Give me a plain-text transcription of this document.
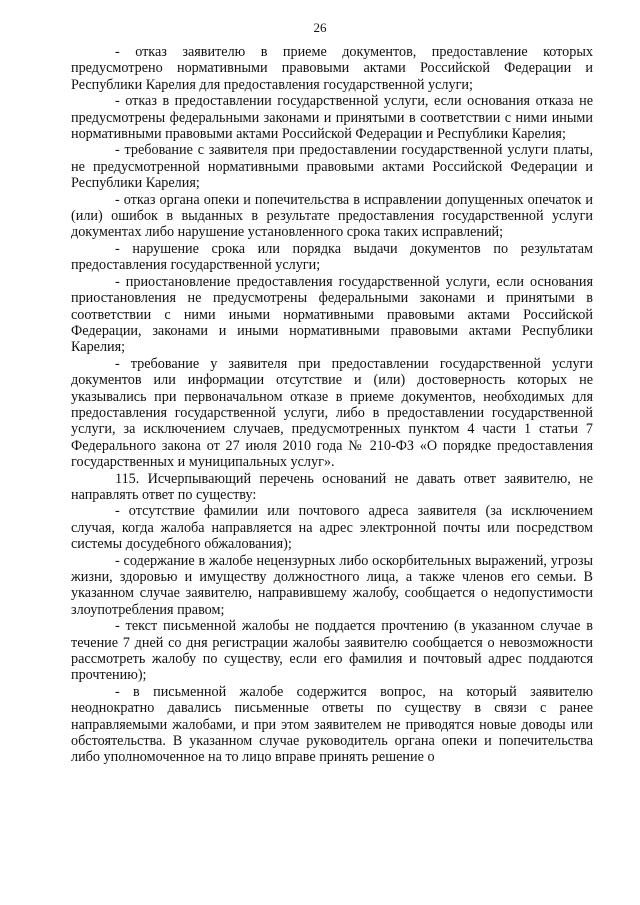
26

- отказ заявителю в приеме документов, предоставление которых предусмотрено нормативными правовыми актами Российской Федерации и Республики Карелия для предоставления государственной услуги;

- отказ в предоставлении государственной услуги, если основания отказа не предусмотрены федеральными законами и принятыми в соответствии с ними иными нормативными правовыми актами Российской Федерации и Республики Карелия;

- требование с заявителя при предоставлении государственной услуги платы, не предусмотренной нормативными правовыми актами Российской Федерации и Республики Карелия;

- отказ органа опеки и попечительства в исправлении допущенных опечаток и (или) ошибок в выданных в результате предоставления государственной услуги документах либо нарушение установленного срока таких исправлений;

- нарушение срока или порядка выдачи документов по результатам предоставления государственной услуги;

- приостановление предоставления государственной услуги, если основания приостановления не предусмотрены федеральными законами и принятыми в соответствии с ними иными нормативными правовыми актами Российской Федерации, законами и иными нормативными правовыми актами Республики Карелия;

- требование у заявителя при предоставлении государственной услуги документов или информации отсутствие и (или) достоверность которых не указывались при первоначальном отказе в приеме документов, необходимых для предоставления государственной услуги, либо в предоставлении государственной услуги, за исключением случаев, предусмотренных пунктом 4 части 1 статьи 7 Федерального закона от 27 июля 2010 года № 210-ФЗ «О порядке предоставления государственных и муниципальных услуг».

115. Исчерпывающий перечень оснований не давать ответ заявителю, не направлять ответ по существу:

- отсутствие фамилии или почтового адреса заявителя (за исключением случая, когда жалоба направляется на адрес электронной почты или посредством системы досудебного обжалования);

- содержание в жалобе нецензурных либо оскорбительных выражений, угрозы жизни, здоровью и имуществу должностного лица, а также членов его семьи. В указанном случае заявителю, направившему жалобу, сообщается о недопустимости злоупотребления правом;

- текст письменной жалобы не поддается прочтению (в указанном случае в течение 7 дней со дня регистрации жалобы заявителю сообщается о невозможности рассмотреть жалобу по существу, если его фамилия и почтовый адрес поддаются прочтению);

- в письменной жалобе содержится вопрос, на который заявителю неоднократно давались письменные ответы по существу в связи с ранее направляемыми жалобами, и при этом заявителем не приводятся новые доводы или обстоятельства. В указанном случае руководитель органа опеки и попечительства либо уполномоченное на то лицо вправе принять решение о
